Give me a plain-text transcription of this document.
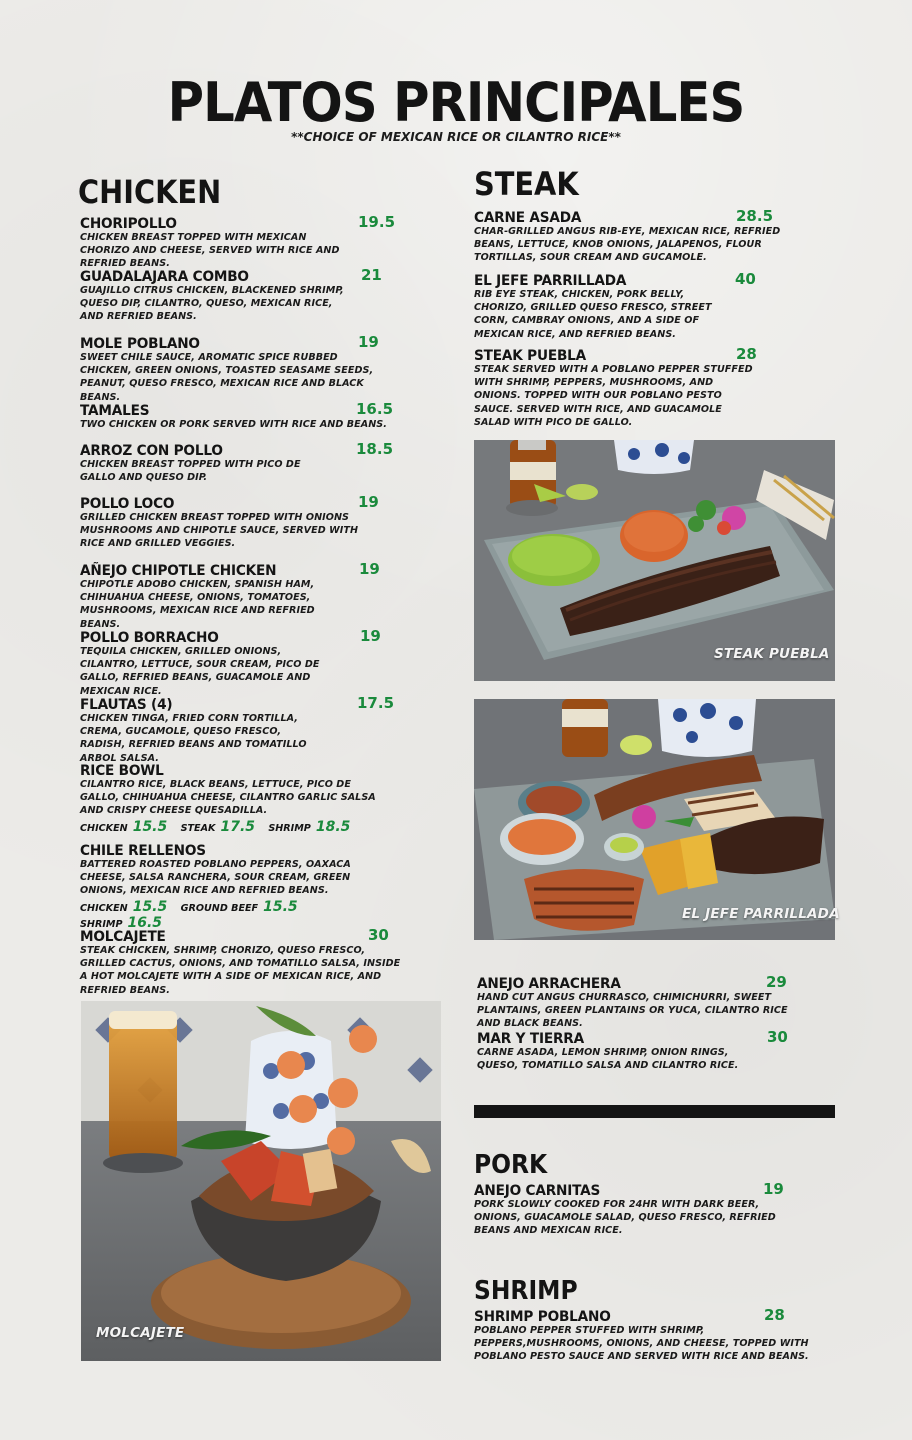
PLATOS PRINCIPALES
**CHOICE OF MEXICAN RICE OR CILANTRO RICE**
CHICKEN
CHORIPOLLO	19.5
CHICKEN BREAST TOPPED WITH MEXICAN CHORIZO AND CHEESE, SERVED WITH RICE AND REFRIED BEANS.
GUADALAJARA COMBO	21
GUAJILLO CITRUS CHICKEN, BLACKENED SHRIMP, QUESO DIP, CILANTRO, QUESO, MEXICAN RICE, AND REFRIED BEANS.
MOLE POBLANO	19
SWEET CHILE SAUCE, AROMATIC SPICE RUBBED CHICKEN, GREEN ONIONS, TOASTED SEASAME SEEDS, PEANUT, QUESO FRESCO, MEXICAN RICE AND BLACK BEANS.
TAMALES	16.5
TWO CHICKEN OR PORK SERVED WITH RICE AND BEANS.
ARROZ CON POLLO	18.5
CHICKEN BREAST TOPPED WITH PICO DE GALLO AND QUESO DIP.
POLLO LOCO	19
GRILLED CHICKEN BREAST TOPPED WITH ONIONS MUSHROOMS AND CHIPOTLE SAUCE, SERVED WITH RICE AND GRILLED VEGGIES.
AÑEJO CHIPOTLE CHICKEN	19
CHIPOTLE ADOBO CHICKEN, SPANISH HAM, CHIHUAHUA CHEESE, ONIONS, TOMATOES, MUSHROOMS, MEXICAN RICE AND REFRIED BEANS.
POLLO BORRACHO	19
TEQUILA CHICKEN, GRILLED ONIONS, CILANTRO, LETTUCE, SOUR CREAM, PICO DE GALLO, REFRIED BEANS, GUACAMOLE AND MEXICAN RICE.
FLAUTAS (4)	17.5
CHICKEN TINGA, FRIED CORN TORTILLA, CREMA, GUCAMOLE, QUESO FRESCO, RADISH, REFRIED BEANS AND TOMATILLO ARBOL SALSA.
RICE BOWL
CILANTRO RICE, BLACK BEANS, LETTUCE, PICO DE GALLO, CHIHUAHUA CHEESE, CILANTRO GARLIC SALSA AND CRISPY CHEESE QUESADILLA.
CHICKEN 15.5 STEAK 17.5 SHRIMP 18.5
CHILE RELLENOS
BATTERED ROASTED POBLANO PEPPERS, OAXACA CHEESE, SALSA RANCHERA, SOUR CREAM, GREEN ONIONS, MEXICAN RICE AND REFRIED BEANS.
CHICKEN 15.5 GROUND BEEF 15.5 SHRIMP 16.5
MOLCAJETE	30
STEAK CHICKEN, SHRIMP, CHORIZO, QUESO FRESCO, GRILLED CACTUS, ONIONS, AND TOMATILLO SALSA, INSIDE A HOT MOLCAJETE WITH A SIDE OF MEXICAN RICE, AND REFRIED BEANS.
MOLCAJETE
STEAK
CARNE ASADA	28.5
CHAR-GRILLED ANGUS RIB-EYE, MEXICAN RICE, REFRIED BEANS, LETTUCE, KNOB ONIONS, JALAPENOS, FLOUR TORTILLAS, SOUR CREAM AND GUCAMOLE.
EL JEFE PARRILLADA	40
RIB EYE STEAK, CHICKEN, PORK BELLY, CHORIZO, GRILLED QUESO FRESCO, STREET CORN, CAMBRAY ONIONS, AND A SIDE OF MEXICAN RICE, AND REFRIED BEANS.
STEAK PUEBLA	28
STEAK SERVED WITH A POBLANO PEPPER STUFFED WITH SHRIMP, PEPPERS, MUSHROOMS, AND ONIONS. TOPPED WITH OUR POBLANO PESTO SAUCE. SERVED WITH RICE, AND GUACAMOLE SALAD WITH PICO DE GALLO.
STEAK PUEBLA
EL JEFE PARRILLADA
ANEJO ARRACHERA	29
HAND CUT ANGUS CHURRASCO, CHIMICHURRI, SWEET PLANTAINS, GREEN PLANTAINS OR YUCA, CILANTRO RICE AND BLACK BEANS.
MAR Y TIERRA	30
CARNE ASADA, LEMON SHRIMP, ONION RINGS, QUESO, TOMATILLO SALSA AND CILANTRO RICE.
PORK
ANEJO CARNITAS	19
PORK SLOWLY COOKED FOR 24HR WITH DARK BEER, ONIONS, GUACAMOLE SALAD, QUESO FRESCO, REFRIED BEANS AND MEXICAN RICE.
SHRIMP
SHRIMP POBLANO	28
POBLANO PEPPER STUFFED WITH SHRIMP, PEPPERS,MUSHROOMS, ONIONS, AND CHEESE, TOPPED WITH POBLANO PESTO SAUCE AND SERVED WITH RICE AND BEANS.
